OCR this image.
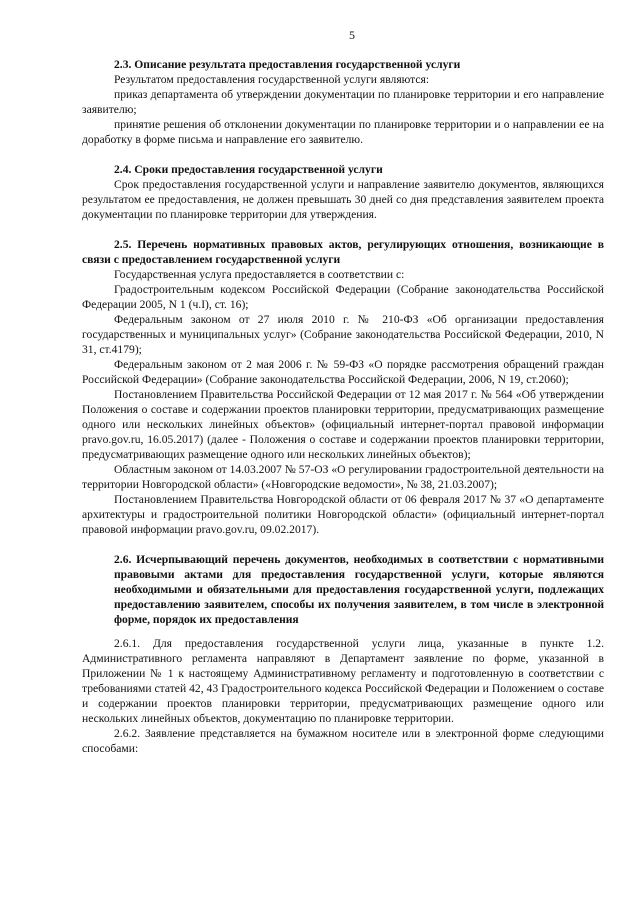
5
2.3. Описание результата предоставления государственной услуги

Результатом предоставления государственной услуги являются:

приказ департамента об утверждении документации по планировке территории и его направление заявителю;

принятие решения об отклонении документации по планировке территории и о направлении ее на доработку в форме письма и направление его заявителю.

2.4. Сроки предоставления государственной услуги

Срок предоставления государственной услуги и направление заявителю документов, являющихся результатом ее предоставления, не должен превышать 30 дней со дня представления заявителем проекта документации по планировке территории для утверждения.

2.5. Перечень нормативных правовых актов, регулирующих отношения, возникающие в связи с предоставлением государственной услуги

Государственная услуга предоставляется в соответствии с:

Градостроительным кодексом Российской Федерации (Собрание законодательства Российской Федерации 2005, N 1 (ч.I), ст. 16);

Федеральным законом от 27 июля 2010 г. № 210-ФЗ «Об организации предоставления государственных и муниципальных услуг» (Собрание законодательства Российской Федерации, 2010, N 31, ст.4179);

Федеральным законом от 2 мая 2006 г. № 59-ФЗ «О порядке рассмотрения обращений граждан Российской Федерации» (Собрание законодательства Российской Федерации, 2006, N 19, ст.2060);

Постановлением Правительства Российской Федерации от 12 мая 2017 г. № 564 «Об утверждении Положения о составе и содержании проектов планировки территории, предусматривающих размещение одного или нескольких линейных объектов» (официальный интернет-портал правовой информации pravo.gov.ru, 16.05.2017) (далее - Положения о составе и содержании проектов планировки территории, предусматривающих размещение одного или нескольких линейных объектов);

Областным законом от 14.03.2007 № 57-ОЗ «О регулировании градостроительной деятельности на территории Новгородской области» («Новгородские ведомости», № 38, 21.03.2007);

Постановлением Правительства Новгородской области от 06 февраля 2017 № 37 «О департаменте архитектуры и градостроительной политики Новгородской области» (официальный интернет-портал правовой информации pravo.gov.ru, 09.02.2017).

2.6. Исчерпывающий перечень документов, необходимых в соответствии с нормативными правовыми актами для предоставления государственной услуги, которые являются необходимыми и обязательными для предоставления государственной услуги, подлежащих предоставлению заявителем, способы их получения заявителем, в том числе в электронной форме, порядок их предоставления

2.6.1. Для предоставления государственной услуги лица, указанные в пункте 1.2. Административного регламента направляют в Департамент заявление по форме, указанной в Приложении № 1 к настоящему Административному регламенту и подготовленную в соответствии с требованиями статей 42, 43 Градостроительного кодекса Российской Федерации и Положением о составе и содержании проектов планировки территории, предусматривающих размещение одного или нескольких линейных объектов, документацию по планировке территории.

2.6.2. Заявление представляется на бумажном носителе или в электронной форме следующими способами:
